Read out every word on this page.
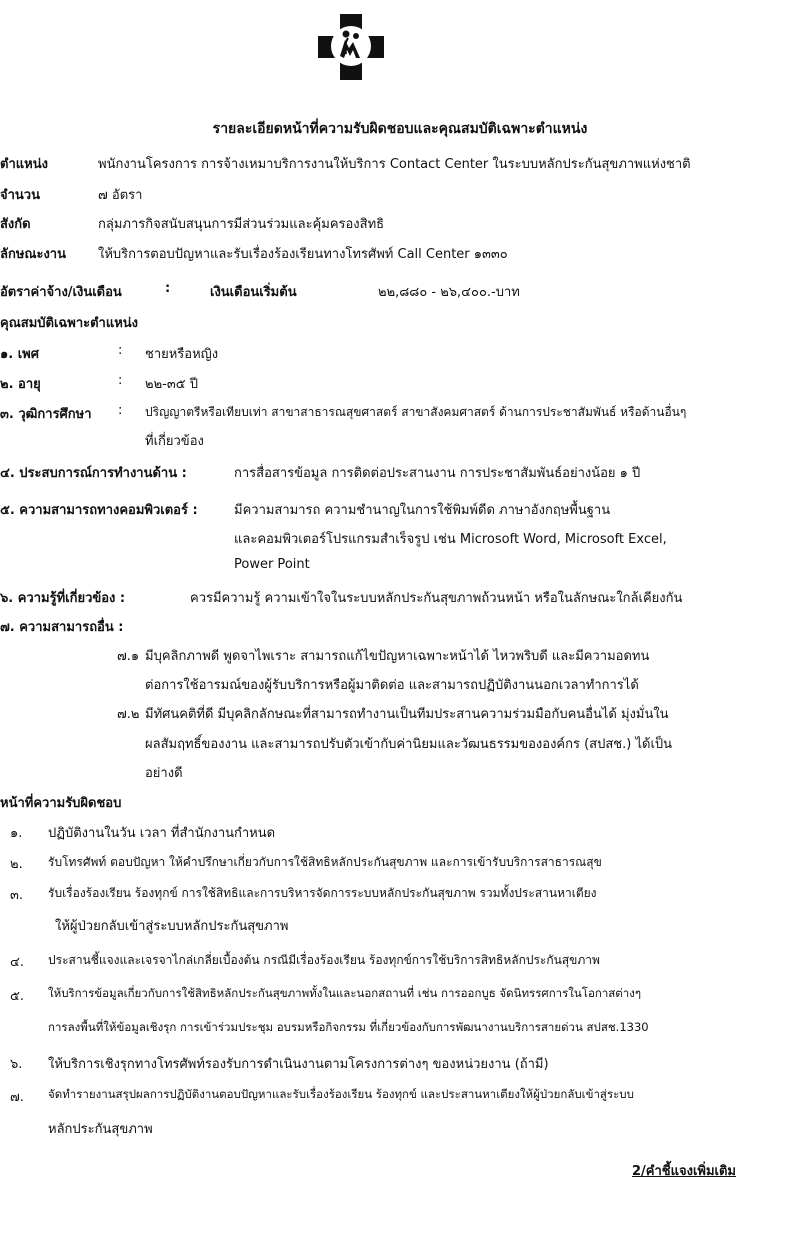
รายละเอียดหน้าที่ความรับผิดชอบและคุณสมบัติเฉพาะตำแหน่ง
ตำแหน่ง	พนักงานโครงการ การจ้างเหมาบริการงานให้บริการ Contact Center ในระบบหลักประกันสุขภาพแห่งชาติ
จำนวน	๗ อัตรา
สังกัด	กลุ่มภารกิจสนับสนุนการมีส่วนร่วมและคุ้มครองสิทธิ
ลักษณะงาน ให้บริการตอบปัญหาและรับเรื่องร้องเรียนทางโทรศัพท์ Call Center ๑๓๓๐
อัตราค่าจ้าง/เงินเดือน	:	เงินเดือนเริ่มต้น	๒๒,๘๘๐ - ๒๖,๔๐๐.-บาท
คุณสมบัติเฉพาะตำแหน่ง
๑. เพศ	: ชายหรือหญิง
๒. อายุ	: ๒๒-๓๕ ปี
๓. วุฒิการศึกษา : ปริญญาตรีหรือเทียบเท่า สาขาสาธารณสุขศาสตร์ สาขาสังคมศาสตร์ ด้านการประชาสัมพันธ์ หรือด้านอื่นๆ
ที่เกี่ยวข้อง
๔. ประสบการณ์การทำงานด้าน :	การสื่อสารข้อมูล การติดต่อประสานงาน การประชาสัมพันธ์อย่างน้อย ๑ ปี
๕. ความสามารถทางคอมพิวเตอร์ :	มีความสามารถ ความชำนาญในการใช้พิมพ์ดีด ภาษาอังกฤษพื้นฐาน
และคอมพิวเตอร์โปรแกรมสำเร็จรูป เช่น Microsoft Word, Microsoft Excel,
Power Point
๖. ความรู้ที่เกี่ยวข้อง :	ควรมีความรู้ ความเข้าใจในระบบหลักประกันสุขภาพถ้วนหน้า หรือในลักษณะใกล้เคียงกัน
๗. ความสามารถอื่น :
๗.๑ มีบุคลิกภาพดี พูดจาไพเราะ สามารถแก้ไขปัญหาเฉพาะหน้าได้ ไหวพริบดี และมีความอดทน
ต่อการใช้อารมณ์ของผู้รับบริการหรือผู้มาติดต่อ และสามารถปฏิบัติงานนอกเวลาทำการได้
๗.๒ มีทัศนคติที่ดี มีบุคลิกลักษณะที่สามารถทำงานเป็นทีมประสานความร่วมมือกับคนอื่นได้ มุ่งมั่นใน
ผลสัมฤทธิ์ของงาน และสามารถปรับตัวเข้ากับค่านิยมและวัฒนธรรมขององค์กร (สปสช.) ได้เป็น
อย่างดี
หน้าที่ความรับผิดชอบ
๑. ปฏิบัติงานในวัน เวลา ที่สำนักงานกำหนด
๒. รับโทรศัพท์ ตอบปัญหา ให้คำปรึกษาเกี่ยวกับการใช้สิทธิหลักประกันสุขภาพ และการเข้ารับบริการสาธารณสุข
๓. รับเรื่องร้องเรียน ร้องทุกข์ การใช้สิทธิและการบริหารจัดการระบบหลักประกันสุขภาพ รวมทั้งประสานหาเตียง
ให้ผู้ป่วยกลับเข้าสู่ระบบหลักประกันสุขภาพ
๔. ประสานชี้แจงและเจรจาไกล่เกลี่ยเบื้องต้น กรณีมีเรื่องร้องเรียน ร้องทุกข์การใช้บริการสิทธิหลักประกันสุขภาพ
๕. ให้บริการข้อมูลเกี่ยวกับการใช้สิทธิหลักประกันสุขภาพทั้งในและนอกสถานที่ เช่น การออกบูธ จัดนิทรรศการในโอกาสต่างๆ
การลงพื้นที่ให้ข้อมูลเชิงรุก การเข้าร่วมประชุม อบรมหรือกิจกรรม ที่เกี่ยวข้องกับการพัฒนางานบริการสายด่วน สปสช.1330
๖. ให้บริการเชิงรุกทางโทรศัพท์รองรับการดำเนินงานตามโครงการต่างๆ ของหน่วยงาน (ถ้ามี)
๗. จัดทำรายงานสรุปผลการปฏิบัติงานตอบปัญหาและรับเรื่องร้องเรียน ร้องทุกข์ และประสานหาเตียงให้ผู้ป่วยกลับเข้าสู่ระบบ
หลักประกันสุขภาพ
2/คำชี้แจงเพิ่มเติม
